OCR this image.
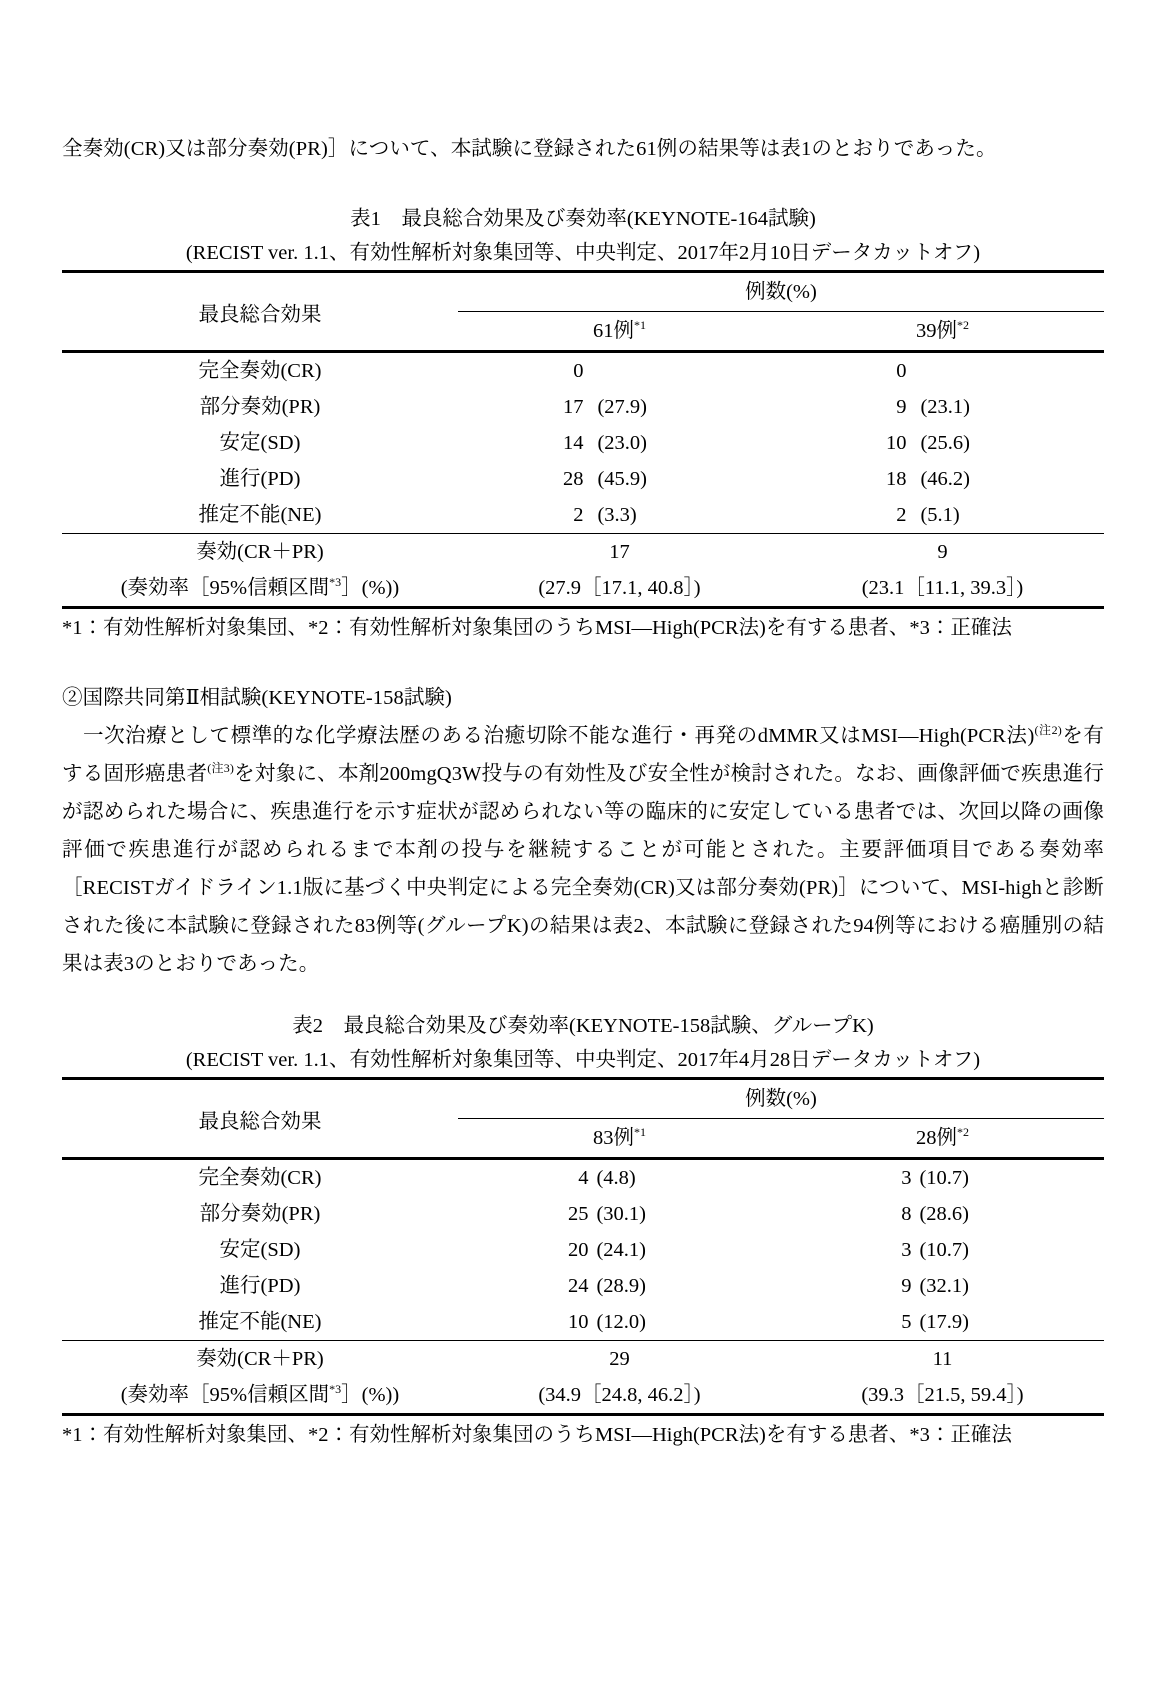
全奏効(CR)又は部分奏効(PR)］について、本試験に登録された61例の結果等は表1のとおりであった。

表1　最良総合効果及び奏効率(KEYNOTE-164試験)
(RECIST ver. 1.1、有効性解析対象集団等、中央判定、2017年2月10日データカットオフ)
最良総合効果	例数(%)	
	61例$^{*1}$	39例$^{*2}$
完全奏効(CR)	0	0
部分奏効(PR)	17 (27.9)	9 (23.1)
安定(SD)	14 (23.0)	10 (25.6)
進行(PD)	28 (45.9)	18 (46.2)
推定不能(NE)	2 (3.3)	2 (5.1)
奏効(CR＋PR)	17	9
(奏効率［95%信頼区間$^{*3}$］(%))	(27.9［17.1, 40.8］)	(23.1［11.1, 39.3］)
*1：有効性解析対象集団、*2：有効性解析対象集団のうちMSI―High(PCR法)を有する患者、*3：正確法

②国際共同第Ⅱ相試験(KEYNOTE-158試験)

一次治療として標準的な化学療法歴のある治癒切除不能な進行・再発のdMMR又はMSI―High(PCR法)$^{(注2)}$を有する固形癌患者$^{(注3)}$を対象に、本剤200mgQ3W投与の有効性及び安全性が検討された。なお、画像評価で疾患進行が認められた場合に、疾患進行を示す症状が認められない等の臨床的に安定している患者では、次回以降の画像評価で疾患進行が認められるまで本剤の投与を継続することが可能とされた。主要評価項目である奏効率［RECISTガイドライン1.1版に基づく中央判定による完全奏効(CR)又は部分奏効(PR)］について、MSI-highと診断された後に本試験に登録された83例等(グループK)の結果は表2、本試験に登録された94例等における癌腫別の結果は表3のとおりであった。

表2　最良総合効果及び奏効率(KEYNOTE-158試験、グループK)
(RECIST ver. 1.1、有効性解析対象集団等、中央判定、2017年4月28日データカットオフ)
最良総合効果	例数(%)	
	83例$^{*1}$	28例$^{*2}$
完全奏効(CR)	4 (4.8)	3 (10.7)
部分奏効(PR)	25 (30.1)	8 (28.6)
安定(SD)	20 (24.1)	3 (10.7)
進行(PD)	24 (28.9)	9 (32.1)
推定不能(NE)	10 (12.0)	5 (17.9)
奏効(CR＋PR)	29	11
(奏効率［95%信頼区間$^{*3}$］(%))	(34.9［24.8, 46.2］)	(39.3［21.5, 59.4］)
*1：有効性解析対象集団、*2：有効性解析対象集団のうちMSI―High(PCR法)を有する患者、*3：正確法
